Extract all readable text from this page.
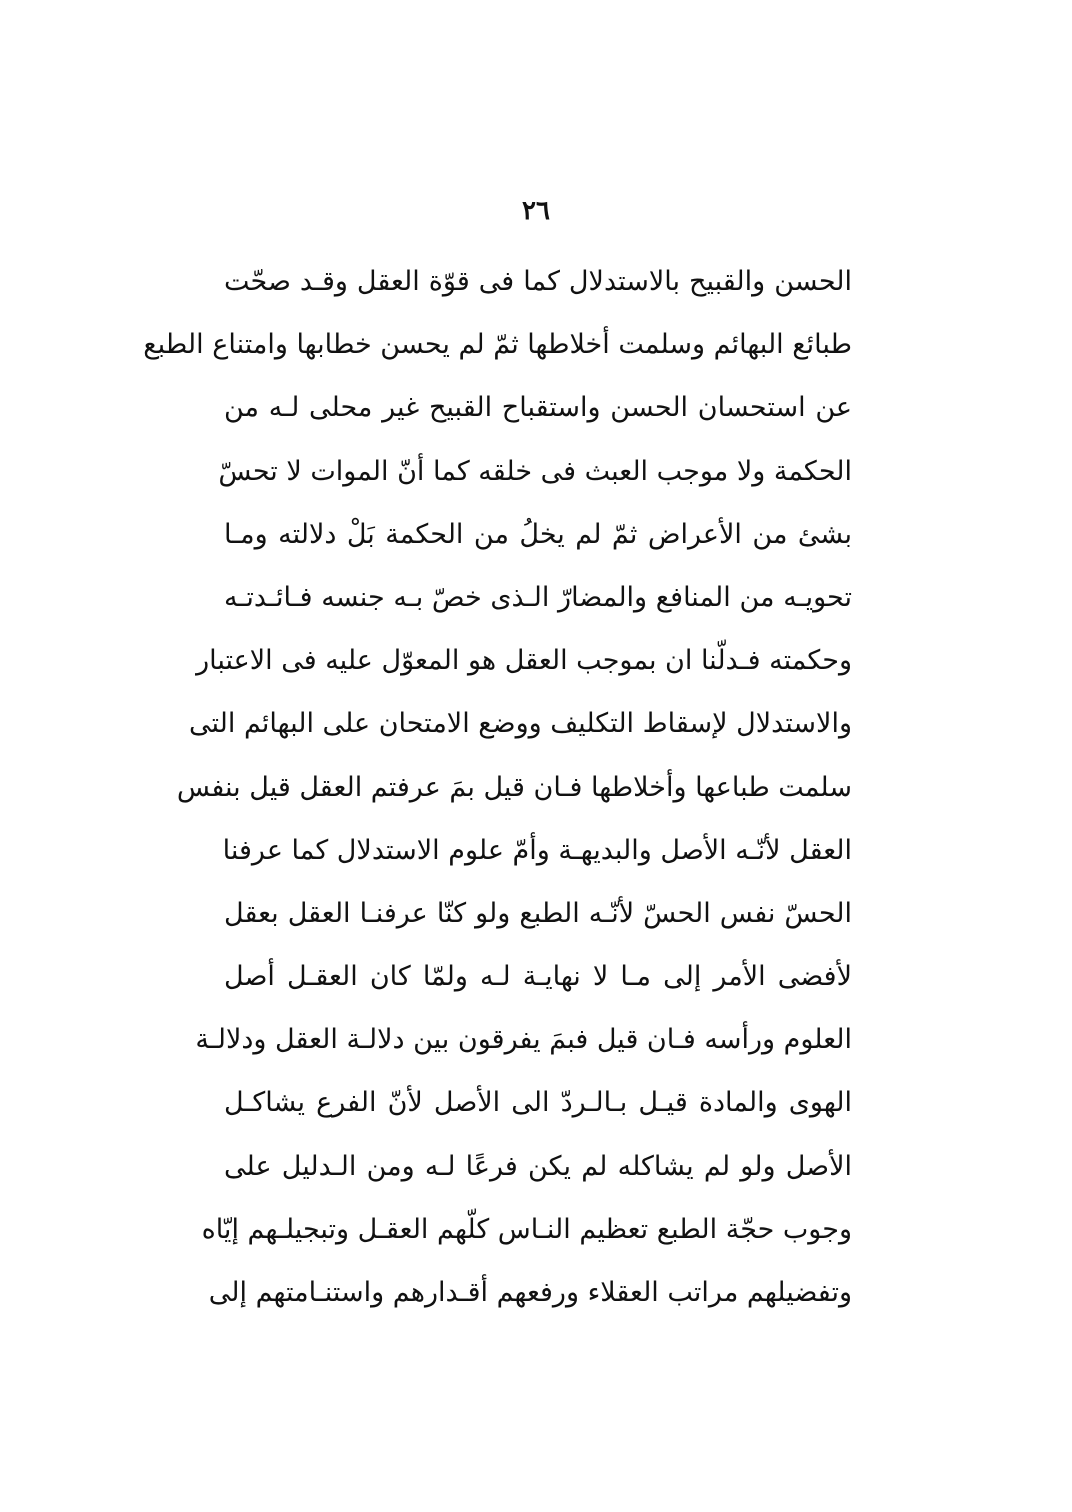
٢٦
الحسن والقبيح بالاستدلال كما فى قوّة العقل وقـد صحّت
طبائع البهائم وسلمت أخلاطها ثمّ لم يحسن خطابها وامتناع الطبع
عن استحسان الحسن واستقباح القبيح غير محلى لـه من
الحكمة ولا موجب العبث فى خلقه كما أنّ الموات لا تحسّ
بشئ من الأعراض ثمّ لم يخلُ من الحكمة بَلْ دلالته ومـا
تحويـه من المنافع والمضارّ الـذى خصّ بـه جنسه فـائـدتـه
وحكمته فـدلّنا ان بموجب العقل هو المعوّل عليه فى الاعتبار
والاستدلال لإسقاط التكليف ووضع الامتحان على البهائم التى
سلمت طباعها وأخلاطها فـان قيل بمَ عرفتم العقل قيل بنفس
العقل لأنّـه الأصل والبديهـة وأمّ علوم الاستدلال كما عرفنا
الحسّ نفس الحسّ لأنّـه الطبع ولو كنّا عرفنـا العقل بعقل
لأفضى الأمر إلى مـا لا نهايـة لـه ولمّا كان العقـل أصل
العلوم ورأسه فـان قيل فبمَ يفرقون بين دلالـة العقل ودلالـة
الهوى والمادة قيـل بـالـردّ الى الأصل لأنّ الفرع يشاكـل
الأصل ولو لم يشاكله لم يكن فرعًا لـه ومن الـدليل على
وجوب حجّة الطبع تعظيم النـاس كلّهم العقـل وتبجيلـهم إيّاه
وتفضيلهم مراتب العقلاء ورفعهم أقـدارهم واستنـامتهم إلى
